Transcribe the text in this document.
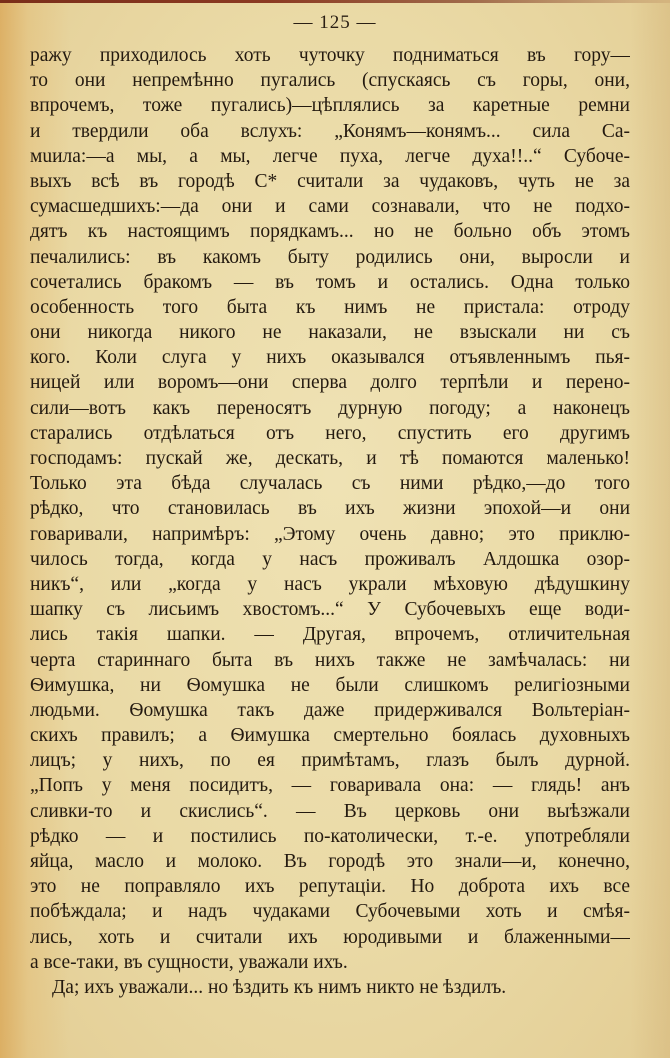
— 125 —
ражу приходилось хоть чуточку подниматься въ гору—
то они непремѣнно пугались (спускаясь съ горы, они,
впрочемъ, тоже пугались)—цѣплялись за каретные ремни
и твердили оба вслухъ: „Конямъ—конямъ... сила Са-
мuила:—а мы, а мы, легче пуха, легче духа!!..“ Субоче-
выхъ всѣ въ городѣ С* считали за чудаковъ, чуть не за
сумасшедшихъ:—да они и сами сознавали, что не подхо-
дятъ къ настоящимъ порядкамъ... но не больно объ этомъ
печалились: въ какомъ быту родились они, выросли и
сочетались бракомъ — въ томъ и остались. Одна только
особенность того быта къ нимъ не пристала: отроду
они никогда никого не наказали, не взыскали ни съ
кого. Коли слуга у нихъ оказывался отъявленнымъ пья-
ницей или воромъ—они сперва долго терпѣли и перено-
сили—вотъ какъ переносятъ дурную погоду; а наконецъ
старались отдѣлаться отъ него, спустить его другимъ
господамъ: пускай же, дескать, и тѣ помаются маленько!
Только эта бѣда случалась съ ними рѣдко,—до того
рѣдко, что становилась въ ихъ жизни эпохой—и они
говаривали, напримѣръ: „Этому очень давно; это приклю-
чилось тогда, когда у насъ проживалъ Алдошка озор-
никъ“, или „когда у насъ украли мѣховую дѣдушкину
шапку съ лисьимъ хвостомъ...“ У Субочевыхъ еще води-
лись такія шапки. — Другая, впрочемъ, отличительная
черта стариннаго быта въ нихъ также не замѣчалась: ни
Ѳимушка, ни Ѳомушка не были слишкомъ религіозными
людьми. Ѳомушка такъ даже придерживался Вольтеріан-
скихъ правилъ; а Ѳимушка смертельно боялась духовныхъ
лицъ; у нихъ, по ея примѣтамъ, глазъ былъ дурной.
„Попъ у меня посидитъ, — говаривала она: — глядь! анъ
сливки-то и скислись“. — Въ церковь они выѣзжали
рѣдко — и постились по-католически, т.-е. употребляли
яйца, масло и молоко. Въ городѣ это знали—и, конечно,
это не поправляло ихъ репутаціи. Но доброта ихъ все
побѣждала; и надъ чудаками Субочевыми хоть и смѣя-
лись, хоть и считали ихъ юродивыми и блаженными—
а все-таки, въ сущности, уважали ихъ.
Да; ихъ уважали... но ѣздить къ нимъ никто не ѣздилъ.
